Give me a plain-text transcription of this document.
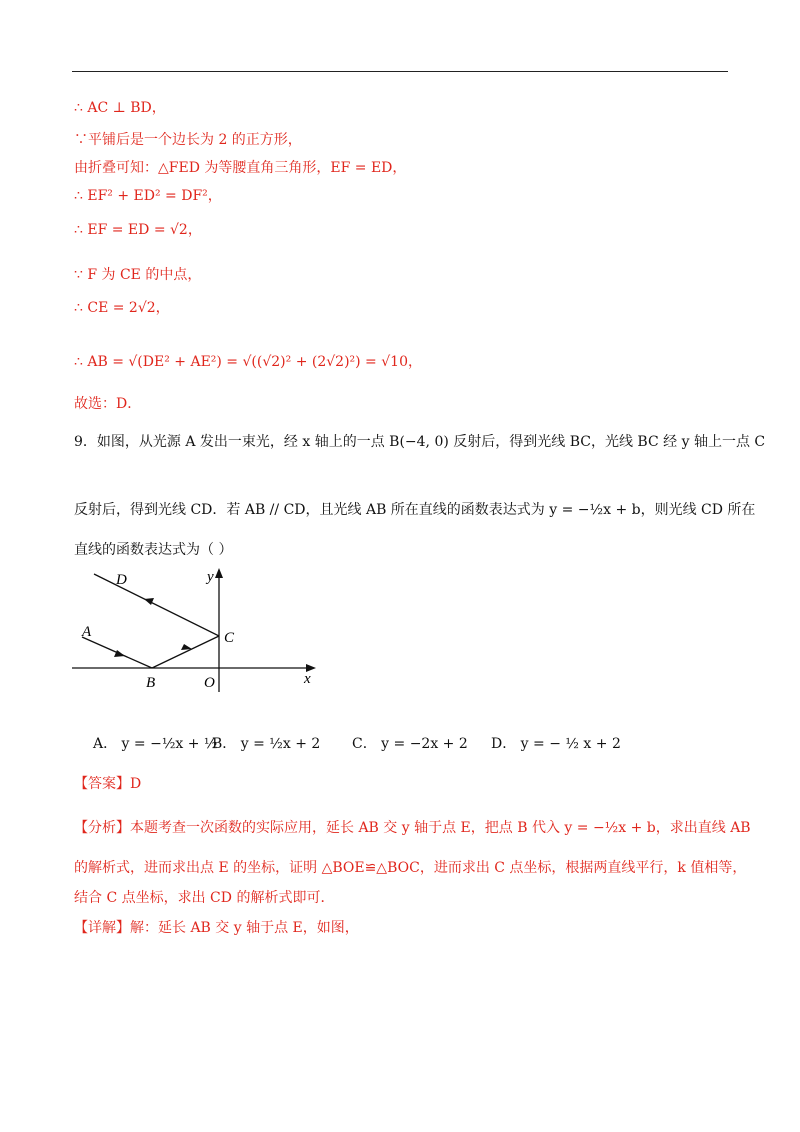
∴ AC ⊥ BD，
∵平铺后是一个边长为 2 的正方形，
由折叠可知：△FED 为等腰直角三角形，EF = ED，
∴ EF² + ED² = DF²，
∴ EF = ED = √2，
∵ F 为 CE 的中点，
∴ CE = 2√2，
∴ AB = √(DE² + AE²) = √((√2)² + (2√2)²) = √10，
故选：D．
9．如图，从光源 A 发出一束光，经 x 轴上的一点 B(−4, 0) 反射后，得到光线 BC，光线 BC 经 y 轴上一点 C
反射后，得到光线 CD．若 AB // CD，且光线 AB 所在直线的函数表达式为 y = −½x + b，则光线 CD 所在
直线的函数表达式为（ ）
D	y
A	C
B	O	x
A． y = −½x + ½
B． y = ½x + 2 C． y = −2x + 2 D． y = − ½ x + 2
【答案】D
【分析】本题考查一次函数的实际应用，延长 AB 交 y 轴于点 E，把点 B 代入 y = −½x + b，求出直线 AB
的解析式，进而求出点 E 的坐标，证明 △BOE≌△BOC，进而求出 C 点坐标，根据两直线平行，k 值相等，
结合 C 点坐标，求出 CD 的解析式即可．
【详解】解：延长 AB 交 y 轴于点 E，如图，
